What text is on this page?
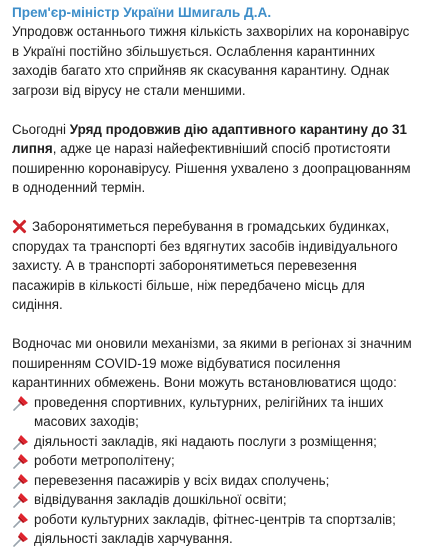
Прем'єр-міністр України Шмигаль Д.А.

Упродовж останнього тижня кількість захворілих на коронавірус в Україні постійно збільшується. Ослаблення карантинних заходів багато хто сприйняв як скасування карантину. Однак загрози від вірусу не стали меншими.

Сьогодні Уряд продовжив дію адаптивного карантину до 31 липня, адже це наразі найефективніший спосіб протистояти поширенню коронавірусу. Рішення ухвалено з доопрацюванням в одноденний термін.

Заборонятиметься перебування в громадських будинках, спорудах та транспорті без вдягнутих засобів індивідуального захисту. А в транспорті заборонятиметься перевезення пасажирів в кількості більше, ніж передбачено місць для сидіння.

Водночас ми оновили механізми, за якими в регіонах зі значним поширенням COVID-19 може відбуватися посилення карантинних обмежень. Вони можуть встановлюватися щодо:

проведення спортивних, культурних, релігійних та інших масових заходів;
діяльності закладів, які надають послуги з розміщення;
роботи метрополітену;
перевезення пасажирів у всіх видах сполучень;
відвідування закладів дошкільної освіти;
роботи культурних закладів, фітнес-центрів та спортзалів;
діяльності закладів харчування.
